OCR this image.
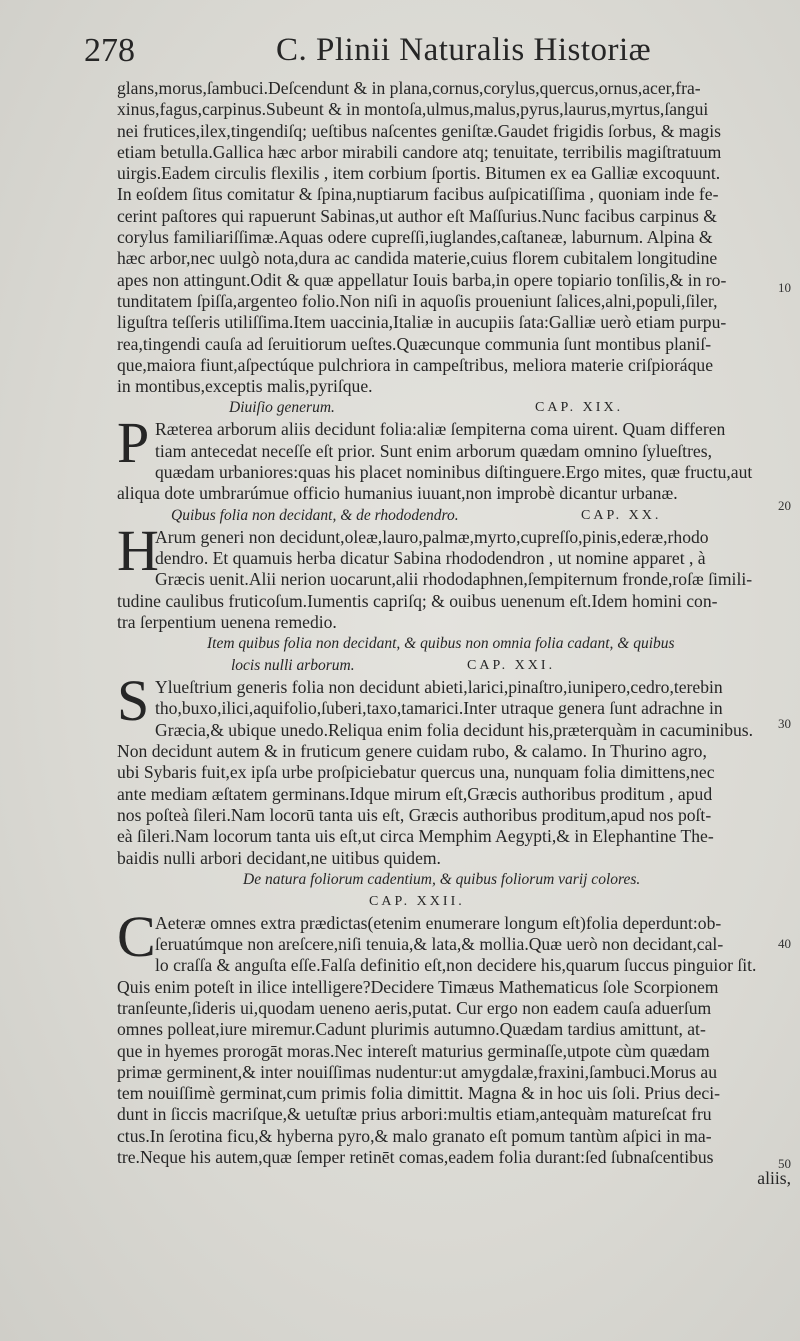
278	C. Plinii Naturalis Historiæ

glans,morus,ſambuci.Deſcendunt & in plana,cornus,corylus,quercus,ornus,acer,fra-
xinus,fagus,carpinus.Subeunt & in montoſa,ulmus,malus,pyrus,laurus,myrtus,ſangui
nei frutices,ilex,tingendiſq; ueſtibus naſcentes geniſtæ.Gaudet frigidis ſorbus, & magis
etiam betulla.Gallica hæc arbor mirabili candore atq; tenuitate, terribilis magiſtratuum
uirgis.Eadem circulis flexilis , item corbium ſportis. Bitumen ex ea Galliæ excoquunt.
In eoſdem ſitus comitatur & ſpina,nuptiarum facibus auſpicatiſſima , quoniam inde fe-
cerint paſtores qui rapuerunt Sabinas,ut author eſt Maſſurius.Nunc facibus carpinus &
corylus familiariſſimæ.Aquas odere cupreſſi,iuglandes,caſtaneæ, laburnum. Alpina &
hæc arbor,nec uulgò nota,dura ac candida materie,cuius florem cubitalem longitudine
apes non attingunt.Odit & quæ appellatur Iouis barba,in opere topiario tonſilis,& in ro-
tunditatem ſpiſſa,argenteo folio.Non niſi in aquoſis proueniunt ſalices,alni,populi,ſiler,
liguſtra teſſeris utiliſſima.Item uaccinia,Italiæ in aucupiis ſata:Galliæ uerò etiam purpu-
rea,tingendi cauſa ad ſeruitiorum ueſtes.Quæcunque communia ſunt montibus planiſ-
que,maiora fiunt,aſpectúque pulchriora in campeſtribus, meliora materie criſpioráque
in montibus,exceptis malis,pyriſque.
Diuiſio generum.	CAP. XIX.
P Ræterea arborum aliis decidunt folia:aliæ ſempiterna coma uirent. Quam differen
tiam antecedat neceſſe eſt prior. Sunt enim arborum quædam omnino ſylueſtres,
quædam urbaniores:quas his placet nominibus diſtinguere.Ergo mites, quæ fructu,aut
aliqua dote umbrarúmue officio humanius iuuant,non improbè dicantur urbanæ.
Quibus folia non decidant, & de rhododendro.	CAP. XX.
H
Arum generi non decidunt,oleæ,lauro,palmæ,myrto,cupreſſo,pinis,ederæ,rhodo
dendro. Et quamuis herba dicatur Sabina rhododendron , ut nomine apparet , à
Græcis uenit.Alii nerion uocarunt,alii rhododaphnen,ſempiternum fronde,roſæ ſimili-
tudine caulibus fruticoſum.Iumentis capriſq; & ouibus uenenum eſt.Idem homini con-
tra ſerpentium uenena remedio.
Item quibus folia non decidant, & quibus non omnia folia cadant, & quibus
locis nulli arborum.	CAP. XXI.
S Ylueſtrium generis folia non decidunt abieti,larici,pinaſtro,iunipero,cedro,terebin
tho,buxo,ilici,aquifolio,ſuberi,taxo,tamarici.Inter utraque genera ſunt adrachne in
Græcia,& ubique unedo.Reliqua enim folia decidunt his,præterquàm in cacuminibus.
Non decidunt autem & in fruticum genere cuidam rubo, & calamo. In Thurino agro,
ubi Sybaris fuit,ex ipſa urbe proſpiciebatur quercus una, nunquam folia dimittens,nec
ante mediam æſtatem germinans.Idque mirum eſt,Græcis authoribus proditum , apud
nos poſteà ſileri.Nam locorū tanta uis eſt, Græcis authoribus proditum,apud nos poſt-
eà ſileri.Nam locorum tanta uis eſt,ut circa Memphim Aegypti,& in Elephantine The-
baidis nulli arbori decidant,ne uitibus quidem.
De natura foliorum cadentium, & quibus foliorum varij colores.
CAP. XXII.
C Aeteræ omnes extra prædictas(etenim enumerare longum eſt)folia deperdunt:ob-
ſeruatúmque non areſcere,niſi tenuia,& lata,& mollia.Quæ uerò non decidant,cal-
lo craſſa & anguſta eſſe.Falſa definitio eſt,non decidere his,quarum ſuccus pinguior ſit.
Quis enim poteſt in ilice intelligere?Decidere Timæus Mathematicus ſole Scorpionem
tranſeunte,ſideris ui,quodam ueneno aeris,putat. Cur ergo non eadem cauſa aduerſum
omnes polleat,iure miremur.Cadunt plurimis autumno.Quædam tardius amittunt, at-
que in hyemes prorogāt moras.Nec intereſt maturius germinaſſe,utpote cùm quædam
primæ germinent,& inter nouiſſimas nudentur:ut amygdalæ,fraxini,ſambuci.Morus au
tem nouiſſimè germinat,cum primis folia dimittit. Magna & in hoc uis ſoli. Prius deci-
dunt in ſiccis macriſque,& uetuſtæ prius arbori:multis etiam,antequàm matureſcat fru
ctus.In ſerotina ficu,& hyberna pyro,& malo granato eſt pomum tantùm aſpici in ma-
tre.Neque his autem,quæ ſemper retinēt comas,eadem folia durant:ſed ſubnaſcentibus
aliis,
10
20
30
40
50
